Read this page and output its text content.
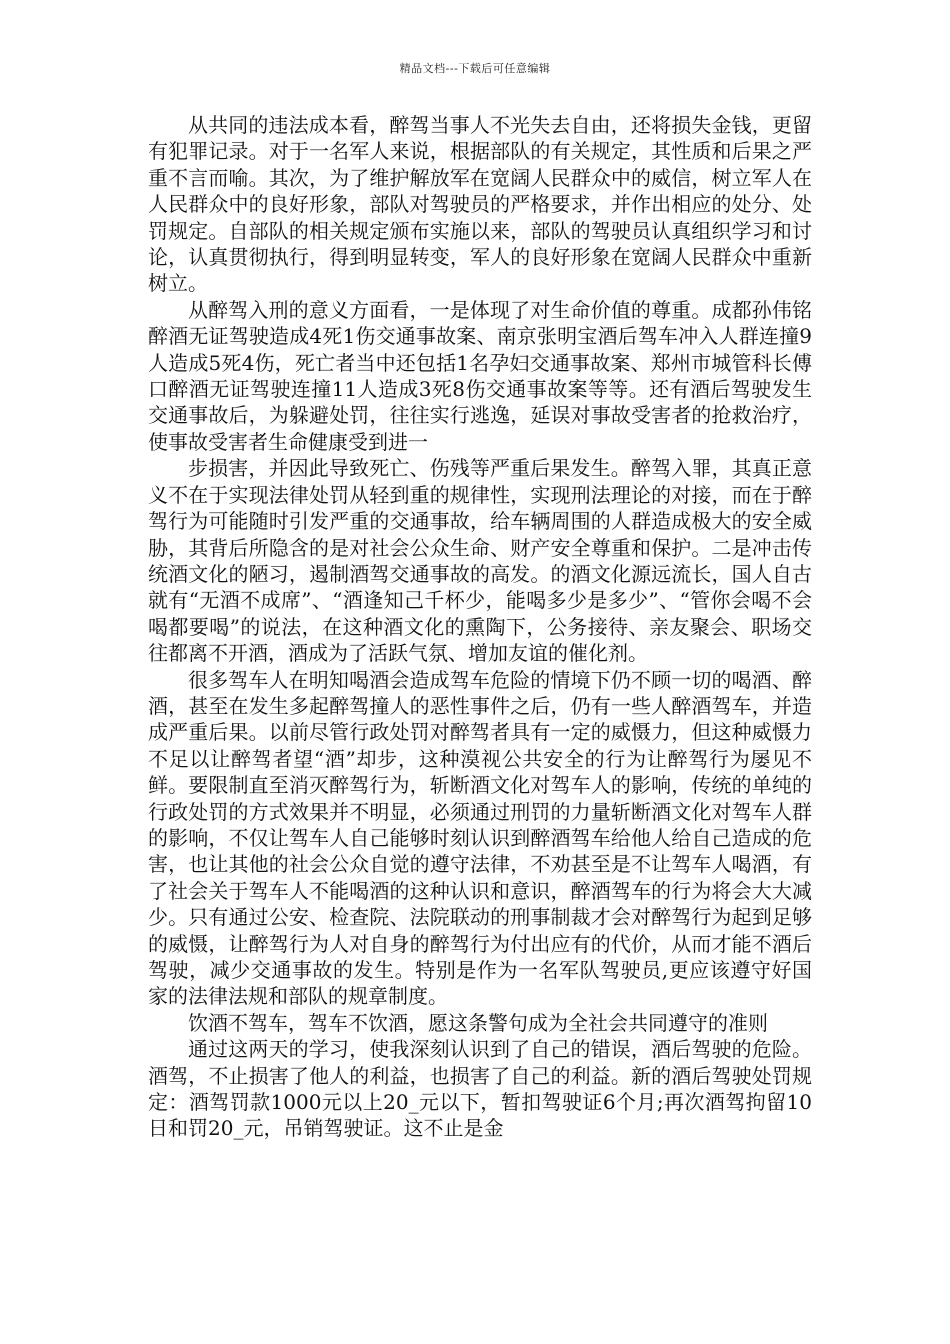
精品文档---下载后可任意编辑

从共同的违法成本看，醉驾当事人不光失去自由，还将损失金钱，更留有犯罪记录。对于一名军人来说，根据部队的有关规定，其性质和后果之严重不言而喻。其次，为了维护解放军在宽阔人民群众中的威信，树立军人在人民群众中的良好形象，部队对驾驶员的严格要求，并作出相应的处分、处罚规定。自部队的相关规定颁布实施以来，部队的驾驶员认真组织学习和讨论，认真贯彻执行，得到明显转变，军人的良好形象在宽阔人民群众中重新树立。

从醉驾入刑的意义方面看，一是体现了对生命价值的尊重。成都孙伟铭醉酒无证驾驶造成4死1伤交通事故案、南京张明宝酒后驾车冲入人群连撞9人造成5死4伤，死亡者当中还包括1名孕妇交通事故案、郑州市城管科长傅口醉酒无证驾驶连撞11人造成3死8伤交通事故案等等。还有酒后驾驶发生交通事故后，为躲避处罚，往往实行逃逸，延误对事故受害者的抢救治疗，使事故受害者生命健康受到进一

步损害，并因此导致死亡、伤残等严重后果发生。醉驾入罪，其真正意义不在于实现法律处罚从轻到重的规律性，实现刑法理论的对接，而在于醉驾行为可能随时引发严重的交通事故，给车辆周围的人群造成极大的安全威胁，其背后所隐含的是对社会公众生命、财产安全尊重和保护。二是冲击传统酒文化的陋习，遏制酒驾交通事故的高发。的酒文化源远流长，国人自古就有“无酒不成席”、“酒逢知己千杯少，能喝多少是多少”、“管你会喝不会喝都要喝”的说法，在这种酒文化的熏陶下，公务接待、亲友聚会、职场交往都离不开酒，酒成为了活跃气氛、增加友谊的催化剂。

很多驾车人在明知喝酒会造成驾车危险的情境下仍不顾一切的喝酒、醉酒，甚至在发生多起醉驾撞人的恶性事件之后，仍有一些人醉酒驾车，并造成严重后果。以前尽管行政处罚对醉驾者具有一定的威慑力，但这种威慑力不足以让醉驾者望“酒”却步，这种漠视公共安全的行为让醉驾行为屡见不鲜。要限制直至消灭醉驾行为，斩断酒文化对驾车人的影响，传统的单纯的行政处罚的方式效果并不明显，必须通过刑罚的力量斩断酒文化对驾车人群的影响，不仅让驾车人自己能够时刻认识到醉酒驾车给他人给自己造成的危害，也让其他的社会公众自觉的遵守法律，不劝甚至是不让驾车人喝酒，有了社会关于驾车人不能喝酒的这种认识和意识，醉酒驾车的行为将会大大减少。只有通过公安、检查院、法院联动的刑事制裁才会对醉驾行为起到足够的威慑，让醉驾行为人对自身的醉驾行为付出应有的代价，从而才能不酒后驾驶，减少交通事故的发生。特别是作为一名军队驾驶员,更应该遵守好国家的法律法规和部队的规章制度。

饮酒不驾车，驾车不饮酒，愿这条警句成为全社会共同遵守的准则

通过这两天的学习，使我深刻认识到了自己的错误，酒后驾驶的危险。酒驾，不止损害了他人的利益，也损害了自己的利益。新的酒后驾驶处罚规定：酒驾罚款1000元以上20_元以下，暂扣驾驶证6个月;再次酒驾拘留10日和罚20_元，吊销驾驶证。这不止是金
